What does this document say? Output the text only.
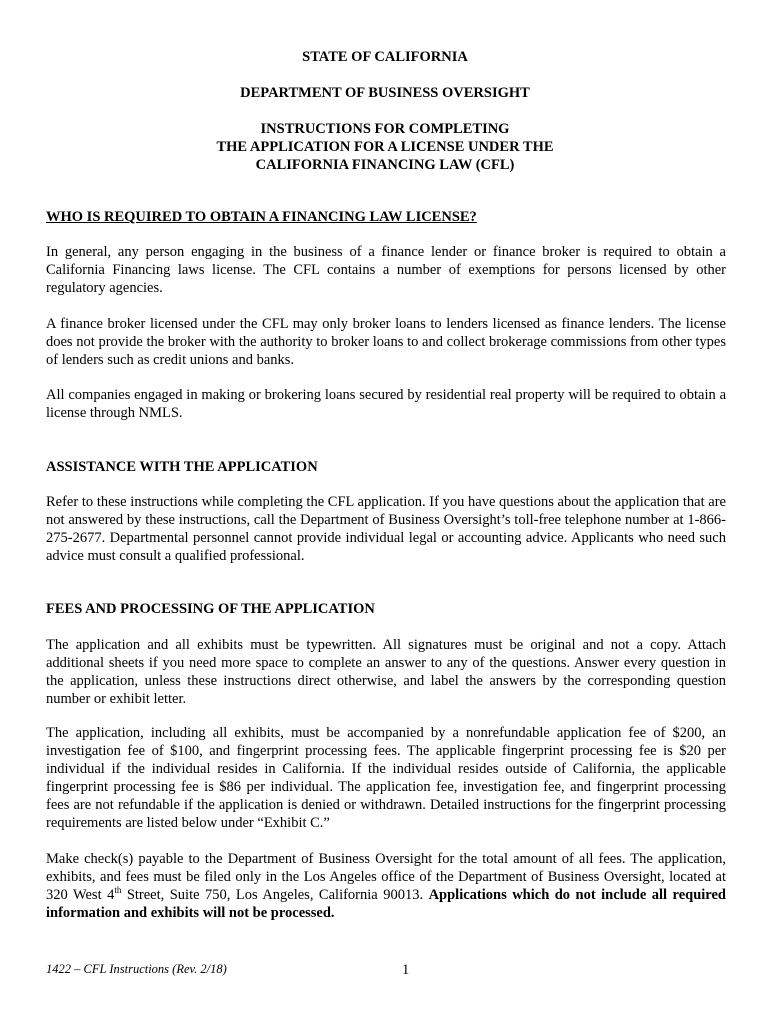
STATE OF CALIFORNIA

DEPARTMENT OF BUSINESS OVERSIGHT

INSTRUCTIONS FOR COMPLETING

THE APPLICATION FOR A LICENSE UNDER THE

CALIFORNIA FINANCING LAW (CFL)

WHO IS REQUIRED TO OBTAIN A FINANCING LAW LICENSE?

In general, any person engaging in the business of a finance lender or finance broker is required to obtain a California Financing laws license. The CFL contains a number of exemptions for persons licensed by other regulatory agencies.

A finance broker licensed under the CFL may only broker loans to lenders licensed as finance lenders. The license does not provide the broker with the authority to broker loans to and collect brokerage commissions from other types of lenders such as credit unions and banks.

All companies engaged in making or brokering loans secured by residential real property will be required to obtain a license through NMLS.

ASSISTANCE WITH THE APPLICATION

Refer to these instructions while completing the CFL application. If you have questions about the application that are not answered by these instructions, call the Department of Business Oversight’s toll-free telephone number at 1-866-275-2677. Departmental personnel cannot provide individual legal or accounting advice. Applicants who need such advice must consult a qualified professional.

FEES AND PROCESSING OF THE APPLICATION

The application and all exhibits must be typewritten. All signatures must be original and not a copy. Attach additional sheets if you need more space to complete an answer to any of the questions. Answer every question in the application, unless these instructions direct otherwise, and label the answers by the corresponding question number or exhibit letter.

The application, including all exhibits, must be accompanied by a nonrefundable application fee of $200, an investigation fee of $100, and fingerprint processing fees. The applicable fingerprint processing fee is $20 per individual if the individual resides in California. If the individual resides outside of California, the applicable fingerprint processing fee is $86 per individual. The application fee, investigation fee, and fingerprint processing fees are not refundable if the application is denied or withdrawn. Detailed instructions for the fingerprint processing requirements are listed below under “Exhibit C.”

Make check(s) payable to the Department of Business Oversight for the total amount of all fees. The application, exhibits, and fees must be filed only in the Los Angeles office of the Department of Business Oversight, located at 320 West 4th Street, Suite 750, Los Angeles, California 90013. Applications which do not include all required information and exhibits will not be processed.

1422 – CFL Instructions (Rev. 2/18)	1
